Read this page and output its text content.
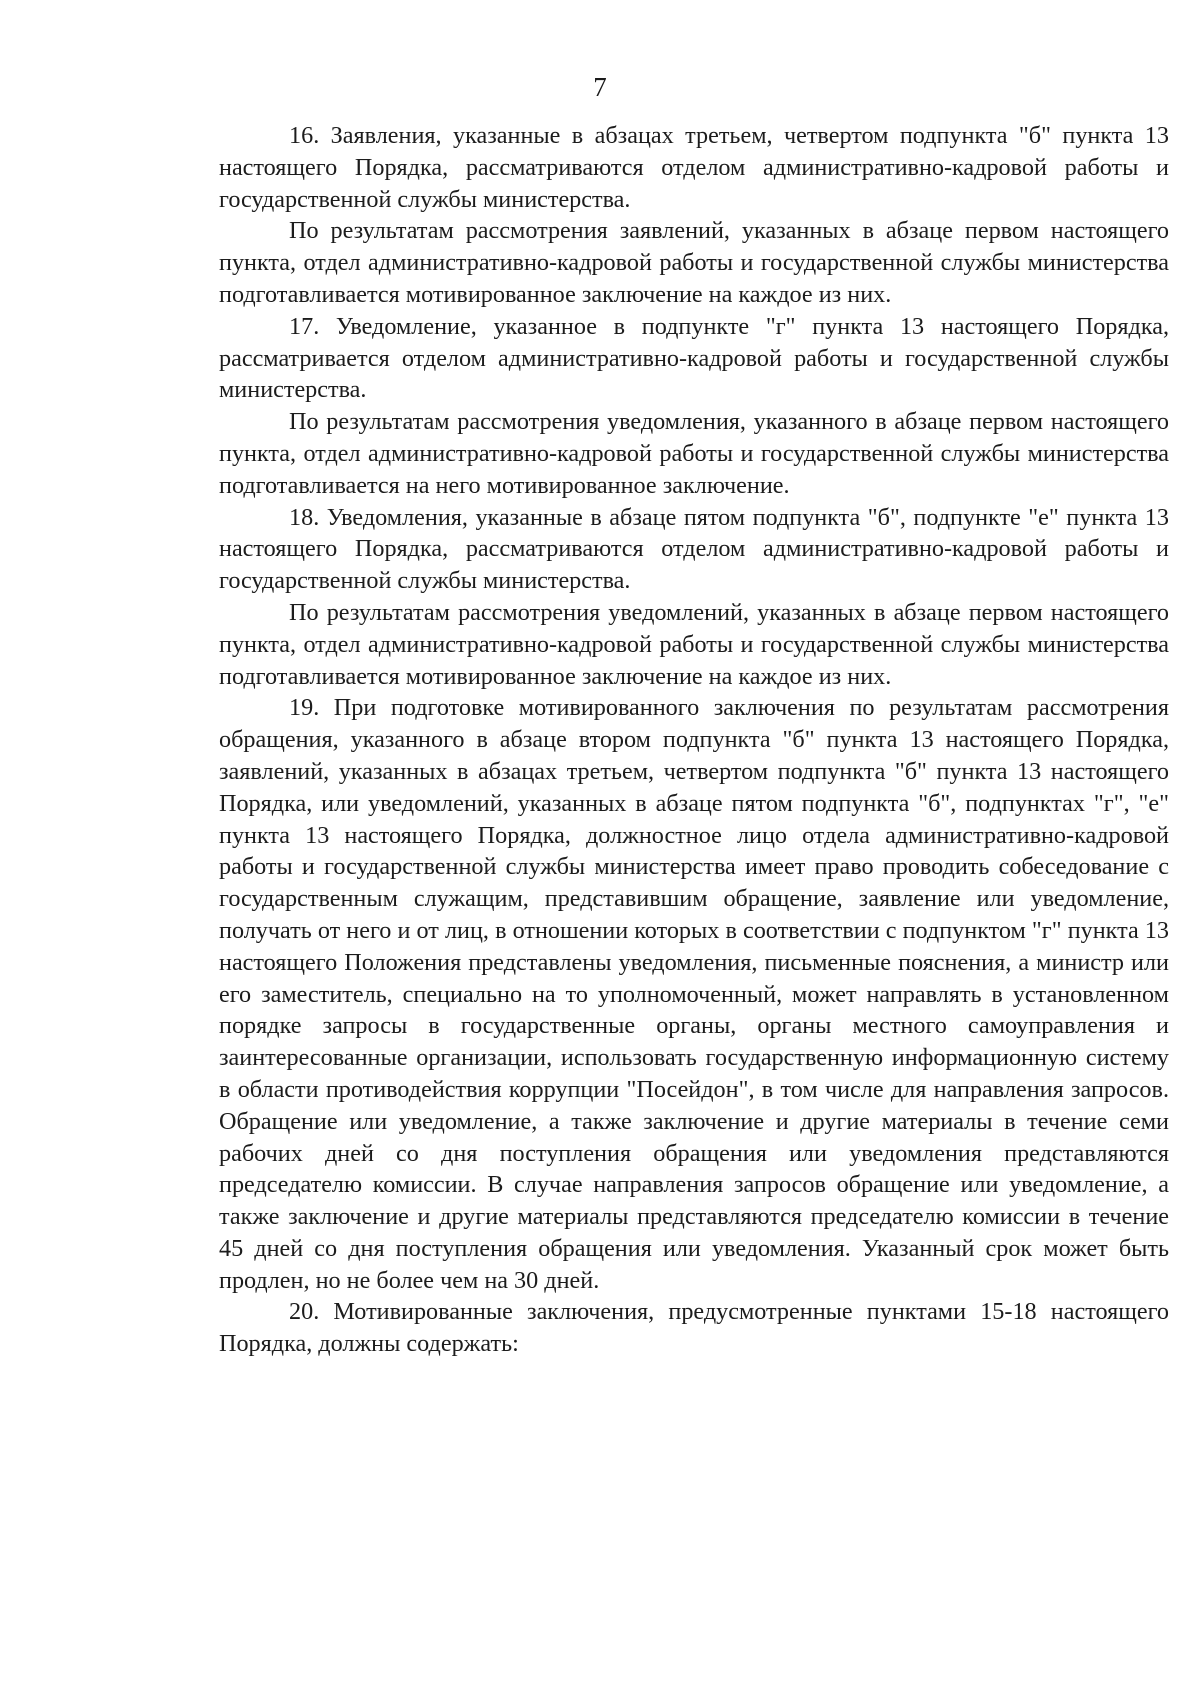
7

16. Заявления, указанные в абзацах третьем, четвертом подпункта "б" пункта 13 настоящего Порядка, рассматриваются отделом административно-кадровой работы и государственной службы министерства.

По результатам рассмотрения заявлений, указанных в абзаце первом настоящего пункта, отдел административно-кадровой работы и государственной службы министерства подготавливается мотивированное заключение на каждое из них.

17. Уведомление, указанное в подпункте "г" пункта 13 настоящего Порядка, рассматривается отделом административно-кадровой работы и государственной службы министерства.

По результатам рассмотрения уведомления, указанного в абзаце первом настоящего пункта, отдел административно-кадровой работы и государственной службы министерства подготавливается на него мотивированное заключение.

18. Уведомления, указанные в абзаце пятом подпункта "б", подпункте "е" пункта 13 настоящего Порядка, рассматриваются отделом административно-кадровой работы и государственной службы министерства.

По результатам рассмотрения уведомлений, указанных в абзаце первом настоящего пункта, отдел административно-кадровой работы и государственной службы министерства подготавливается мотивированное заключение на каждое из них.

19. При подготовке мотивированного заключения по результатам рассмотрения обращения, указанного в абзаце втором подпункта "б" пункта 13 настоящего Порядка, заявлений, указанных в абзацах третьем, четвертом подпункта "б" пункта 13 настоящего Порядка, или уведомлений, указанных в абзаце пятом подпункта "б", подпунктах "г", "е" пункта 13 настоящего Порядка, должностное лицо отдела административно-кадровой работы и государственной службы министерства имеет право проводить собеседование с государственным служащим, представившим обращение, заявление или уведомление, получать от него и от лиц, в отношении которых в соответствии с подпунктом "г" пункта 13 настоящего Положения представлены уведомления, письменные пояснения, а министр или его заместитель, специально на то уполномоченный, может направлять в установленном порядке запросы в государственные органы, органы местного самоуправления и заинтересованные организации, использовать государственную информационную систему в области противодействия коррупции "Посейдон", в том числе для направления запросов. Обращение или уведомление, а также заключение и другие материалы в течение семи рабочих дней со дня поступления обращения или уведомления представляются председателю комиссии. В случае направления запросов обращение или уведомление, а также заключение и другие материалы представляются председателю комиссии в течение 45 дней со дня поступления обращения или уведомления. Указанный срок может быть продлен, но не более чем на 30 дней.

20. Мотивированные заключения, предусмотренные пунктами 15-18 настоящего Порядка, должны содержать:
